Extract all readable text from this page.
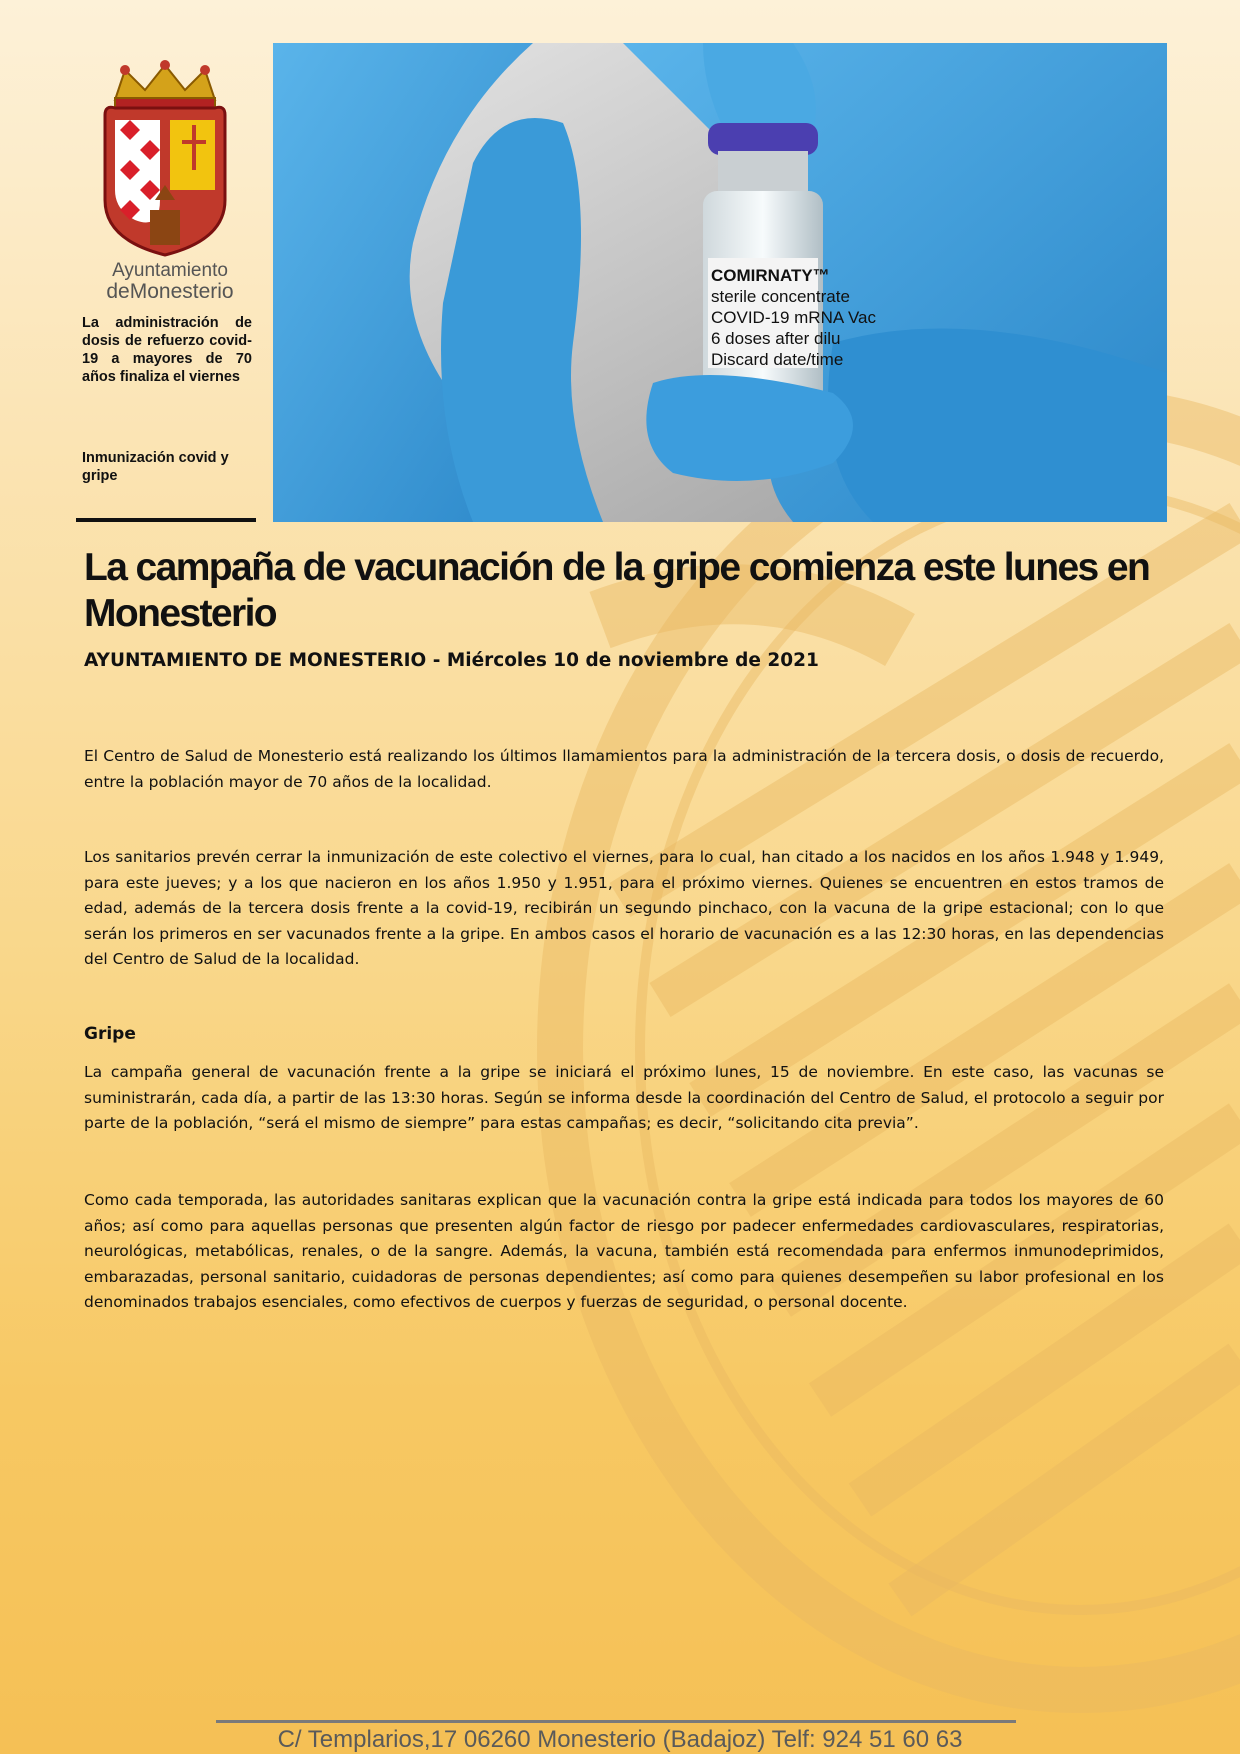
Ayuntamiento
deMonesterio
La administración de dosis de refuerzo covid-19 a mayores de 70 años finaliza el viernes
Inmunización covid y gripe
COMIRNATY™
sterile concentrate
COVID-19 mRNA Vac
6 doses after dilu
Discard date/time
La campaña de vacunación de la gripe comienza este lunes en Monesterio

AYUNTAMIENTO DE MONESTERIO - Miércoles 10 de noviembre de 2021

El Centro de Salud de Monesterio está realizando los últimos llamamientos para la administración de la tercera dosis, o dosis de recuerdo, entre la población mayor de 70 años de la localidad.

Los sanitarios prevén cerrar la inmunización de este colectivo el viernes, para lo cual, han citado a los nacidos en los años 1.948 y 1.949, para este jueves; y a los que nacieron en los años 1.950 y 1.951, para el próximo viernes. Quienes se encuentren en estos tramos de edad, además de la tercera dosis frente a la covid-19, recibirán un segundo pinchaco, con la vacuna de la gripe estacional; con lo que serán los primeros en ser vacunados frente a la gripe. En ambos casos el horario de vacunación es a las 12:30 horas, en las dependencias del Centro de Salud de la localidad.

Gripe

La campaña general de vacunación frente a la gripe se iniciará el próximo lunes, 15 de noviembre. En este caso, las vacunas se suministrarán, cada día, a partir de las 13:30 horas. Según se informa desde la coordinación del Centro de Salud, el protocolo a seguir por parte de la población, “será el mismo de siempre” para estas campañas; es decir, “solicitando cita previa”.

Como cada temporada, las autoridades sanitaras explican que la vacunación contra la gripe está indicada para todos los mayores de 60 años; así como para aquellas personas que presenten algún factor de riesgo por padecer enfermedades cardiovasculares, respiratorias, neurológicas, metabólicas, renales, o de la sangre. Además, la vacuna, también está recomendada para enfermos inmunodeprimidos, embarazadas, personal sanitario, cuidadoras de personas dependientes; así como para quienes desempeñen su labor profesional en los denominados trabajos esenciales, como efectivos de cuerpos y fuerzas de seguridad, o personal docente.

C/ Templarios,17 06260 Monesterio (Badajoz) Telf: 924 51 60 63
